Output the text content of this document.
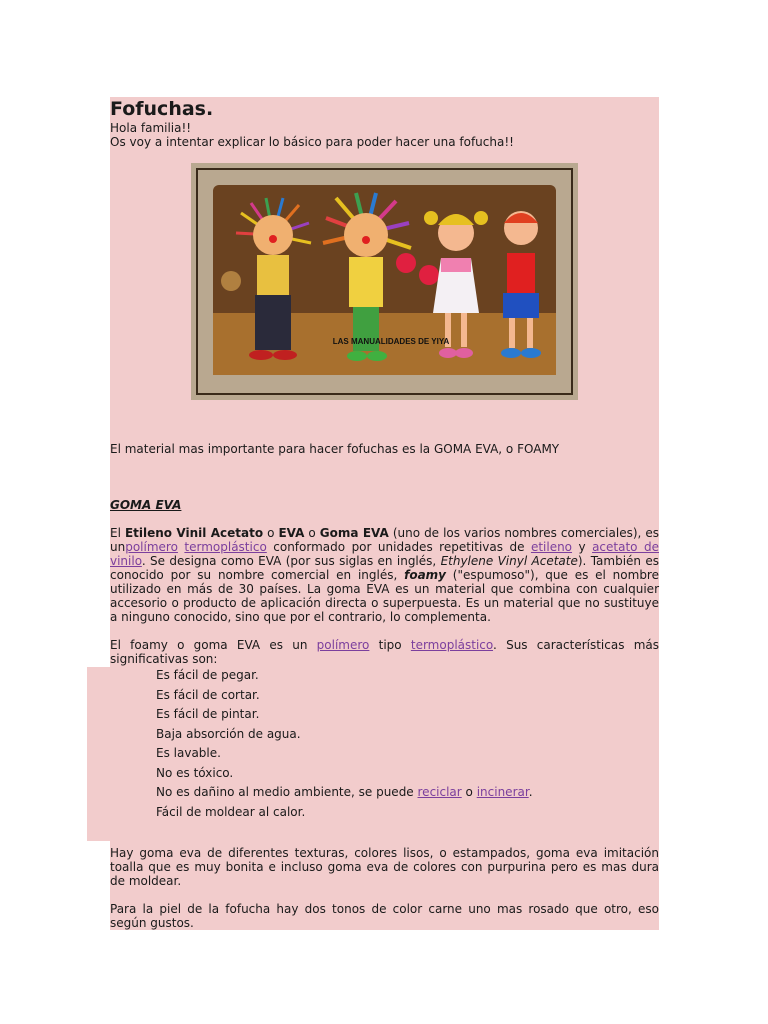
Fofuchas.

Hola familia!!

Os voy a intentar explicar lo básico para poder hacer una fofucha!!

LAS MANUALIDADES DE YIYA

El material mas importante para hacer fofuchas es la GOMA EVA, o FOAMY

GOMA EVA

El Etileno Vinil Acetato o EVA o Goma EVA (uno de los varios nombres comerciales), es unpolímero termoplástico conformado por unidades repetitivas de etileno y acetato de vinilo. Se designa como EVA (por sus siglas en inglés, Ethylene Vinyl Acetate). También es conocido por su nombre comercial en inglés, foamy ("espumoso"), que es el nombre utilizado en más de 30 países. La goma EVA es un material que combina con cualquier accesorio o producto de aplicación directa o superpuesta. Es un material que no sustituye a ninguno conocido, sino que por el contrario, lo complementa.

El foamy o goma EVA es un polímero tipo termoplástico. Sus características más significativas son:

Es fácil de pegar.
Es fácil de cortar.
Es fácil de pintar.
Baja absorción de agua.
Es lavable.
No es tóxico.
No es dañino al medio ambiente, se puede reciclar o incinerar.
Fácil de moldear al calor.

Hay goma eva de diferentes texturas, colores lisos, o estampados, goma eva imitación toalla que es muy bonita e incluso goma eva de colores con purpurina pero es mas dura de moldear.

Para la piel de la fofucha hay dos tonos de color carne uno mas rosado que otro, eso según gustos.
